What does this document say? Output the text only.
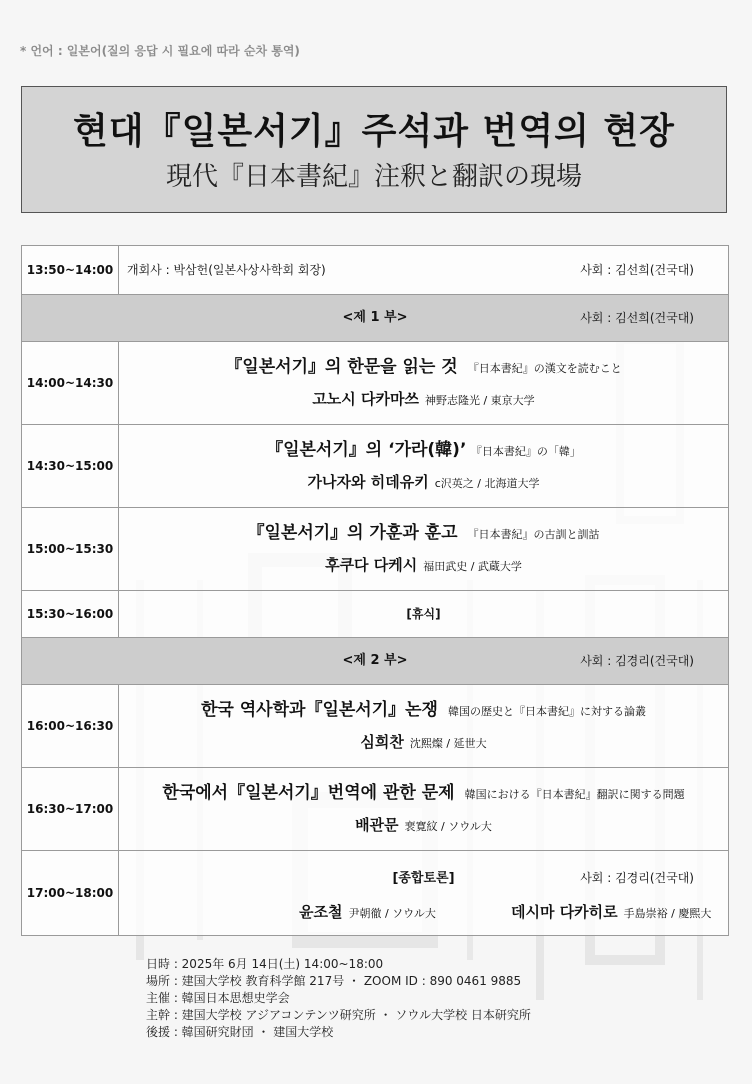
* 언어 : 일본어(질의 응답 시 필요에 따라 순차 통역)
현대『일본서기』주석과 번역의 현장
現代『日本書紀』注釈と翻訳の現場
13:50~14:00	개회사 : 박삼헌(일본사상사학회 회장) 사회 : 김선희(건국대)

<제 1 부> 사회 : 김선희(건국대)	

14:00~14:30	『일본서기』의 한문을 읽는 것 『日本書紀』の漢文を読むこと
고노시 다카마쓰 神野志隆光 / 東京大学

14:30~15:00	『일본서기』의 ‘가라(韓)’ 『日本書紀』の「韓」
가나자와 히데유키 c沢英之 / 北海道大学

15:00~15:30	『일본서기』의 가훈과 훈고 『日本書紀』の古訓と訓詁
후쿠다 다케시 福田武史 / 武蔵大学

15:30~16:00	[휴식]

<제 2 부> 사회 : 김경리(건국대)	

16:00~16:30	한국 역사학과『일본서기』논쟁 韓国の歴史と『日本書紀』に対する論叢
심희찬 沈熙燦 / 延世大

16:30~17:00	한국에서『일본서기』번역에 관한 문제 韓国における『日本書紀』翻訳に関する問題
배관문 裵寛紋 / ソウル大

17:00~18:00	[종합토론] 사회 : 김경리(건국대)
윤조철 尹朝徹 / ソウル大 데시마 다카히로 手島崇裕 / 慶熙大
日時 : 2025年 6月 14日(土) 14:00~18:00
場所 : 建国大学校 教育科学館 217号 ・ ZOOM ID : 890 0461 9885
主催 : 韓国日本思想史学会
主幹 : 建国大学校 アジアコンテンツ研究所 ・ ソウル大学校 日本研究所
後援 : 韓国研究財団 ・ 建国大学校
